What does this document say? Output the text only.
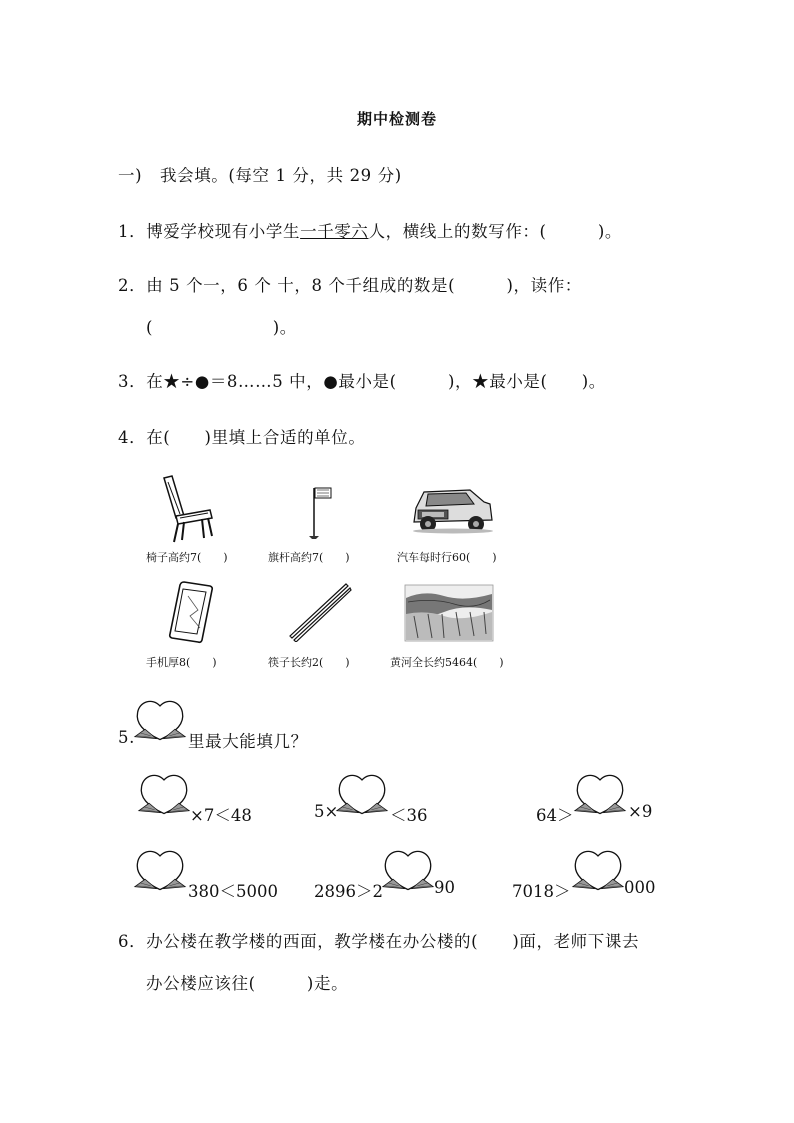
期中检测卷
一) 我会填。(每空 1 分，共 29 分)
1．博爱学校现有小学生一千零六人，横线上的数写作：(　　　)。
2．由 5 个一，6 个 十，8 个千组成的数是(　　　)，读作：
(　　　　　　　)。
3．在★÷●＝8……5 中，●最小是(　　　)，★最小是(　　)。
4．在(　　)里填上合适的单位。
椅子高约7(　　)	旗杆高约7(　　)	汽车每时行60(　　)
手机厚8(　　)	筷子长约2(　　)	黄河全长约5464(　　)
5.	里最大能填几？
×7＜48	5×	＜36	64＞	×9
380＜5000 2896＞2	90	7018＞	000
6．办公楼在教学楼的西面，教学楼在办公楼的(　　)面，老师下课去
办公楼应该往(　　　)走。
